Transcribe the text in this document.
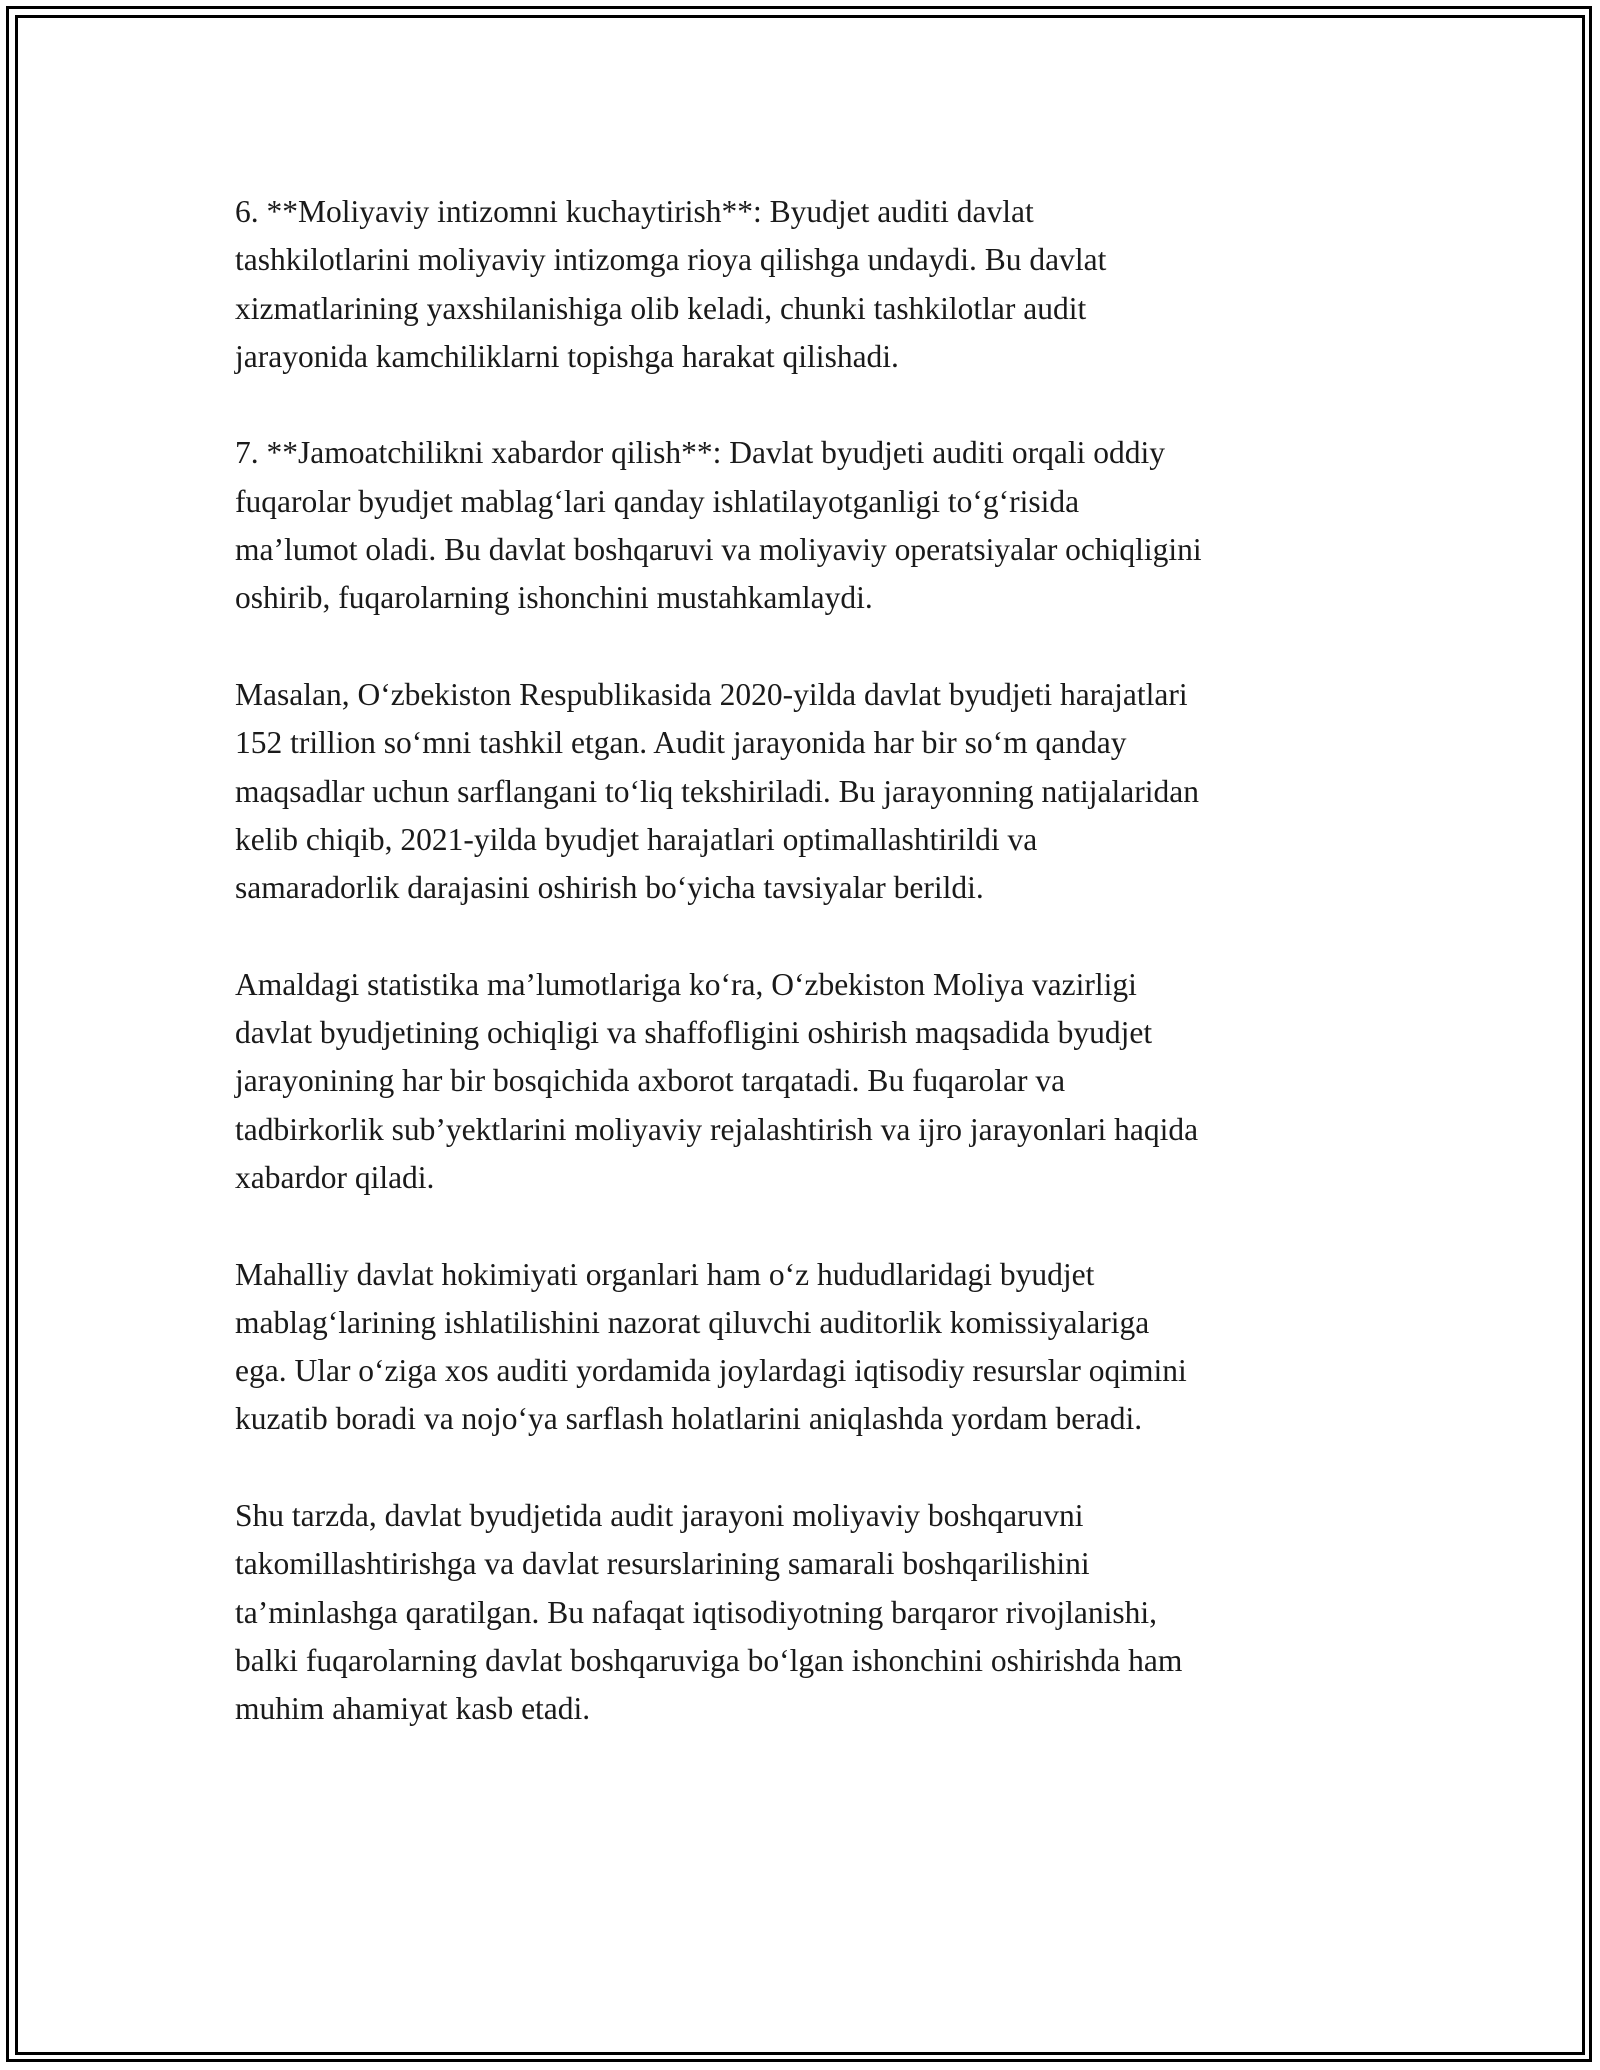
6. **Moliyaviy intizomni kuchaytirish**: Byudjet auditi davlat
tashkilotlarini moliyaviy intizomga rioya qilishga undaydi. Bu davlat
xizmatlarining yaxshilanishiga olib keladi, chunki tashkilotlar audit
jarayonida kamchiliklarni topishga harakat qilishadi.

7. **Jamoatchilikni xabardor qilish**: Davlat byudjeti auditi orqali oddiy
fuqarolar byudjet mablag‘lari qanday ishlatilayotganligi to‘g‘risida
ma’lumot oladi. Bu davlat boshqaruvi va moliyaviy operatsiyalar ochiqligini
oshirib, fuqarolarning ishonchini mustahkamlaydi.

Masalan, O‘zbekiston Respublikasida 2020-yilda davlat byudjeti harajatlari
152 trillion so‘mni tashkil etgan. Audit jarayonida har bir so‘m qanday
maqsadlar uchun sarflangani to‘liq tekshiriladi. Bu jarayonning natijalaridan
kelib chiqib, 2021-yilda byudjet harajatlari optimallashtirildi va
samaradorlik darajasini oshirish bo‘yicha tavsiyalar berildi.

Amaldagi statistika ma’lumotlariga ko‘ra, O‘zbekiston Moliya vazirligi
davlat byudjetining ochiqligi va shaffofligini oshirish maqsadida byudjet
jarayonining har bir bosqichida axborot tarqatadi. Bu fuqarolar va
tadbirkorlik sub’yektlarini moliyaviy rejalashtirish va ijro jarayonlari haqida
xabardor qiladi.

Mahalliy davlat hokimiyati organlari ham o‘z hududlaridagi byudjet
mablag‘larining ishlatilishini nazorat qiluvchi auditorlik komissiyalariga
ega. Ular o‘ziga xos auditi yordamida joylardagi iqtisodiy resurslar oqimini
kuzatib boradi va nojo‘ya sarflash holatlarini aniqlashda yordam beradi.

Shu tarzda, davlat byudjetida audit jarayoni moliyaviy boshqaruvni
takomillashtirishga va davlat resurslarining samarali boshqarilishini
ta’minlashga qaratilgan. Bu nafaqat iqtisodiyotning barqaror rivojlanishi,
balki fuqarolarning davlat boshqaruviga bo‘lgan ishonchini oshirishda ham
muhim ahamiyat kasb etadi.
